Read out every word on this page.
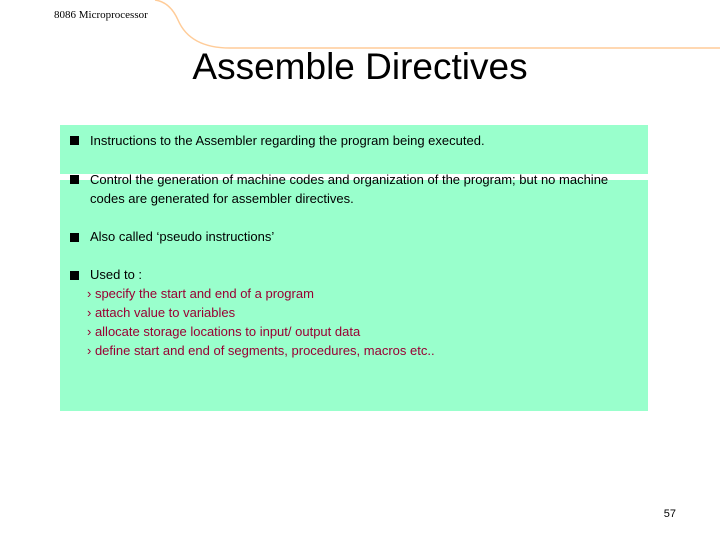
8086 Microprocessor
Assemble Directives
Instructions to the Assembler regarding the program being executed.
Control the generation of machine codes and organization of the program; but no machine codes are generated for assembler directives.
Also called ‘pseudo instructions’
Used to :
› specify the start and end of a program
› attach value to variables
› allocate storage locations to input/ output data
› define start and end of segments, procedures, macros etc..
57
